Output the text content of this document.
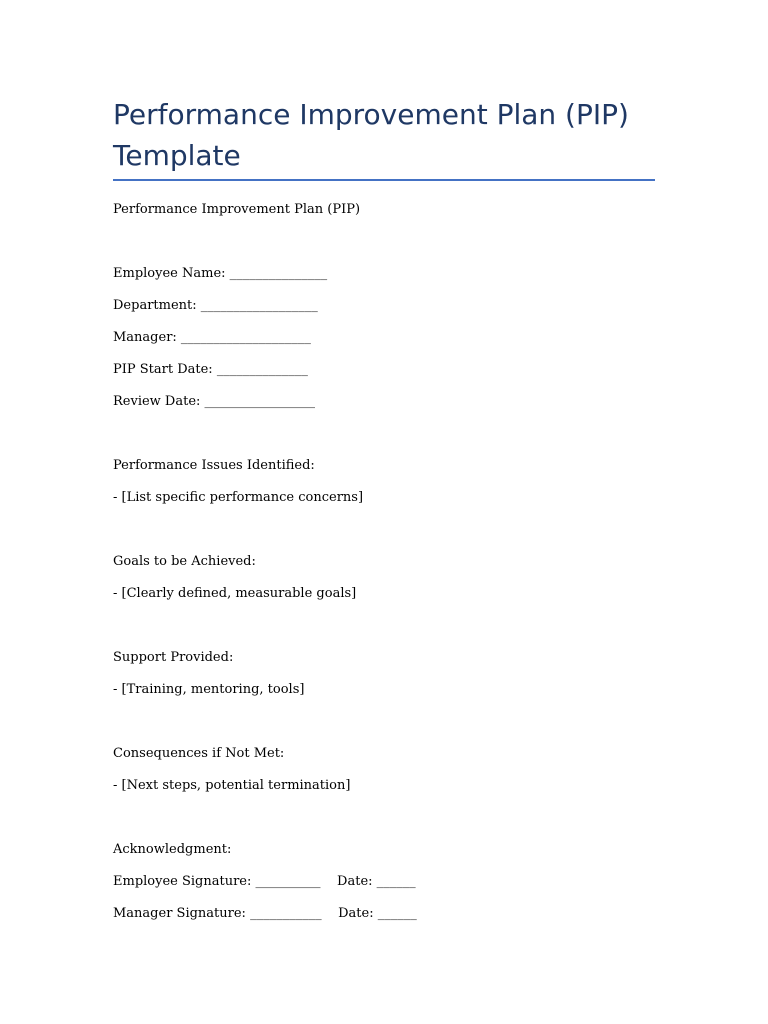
Performance Improvement Plan (PIP) Template

Performance Improvement Plan (PIP)

Employee Name: _______________

Department: __________________

Manager: ____________________

PIP Start Date: ______________

Review Date: _________________

Performance Issues Identified:

- [List specific performance concerns]

Goals to be Achieved:

- [Clearly defined, measurable goals]

Support Provided:

- [Training, mentoring, tools]

Consequences if Not Met:

- [Next steps, potential termination]

Acknowledgment:

Employee Signature: __________    Date: ______

Manager Signature: ___________    Date: ______
